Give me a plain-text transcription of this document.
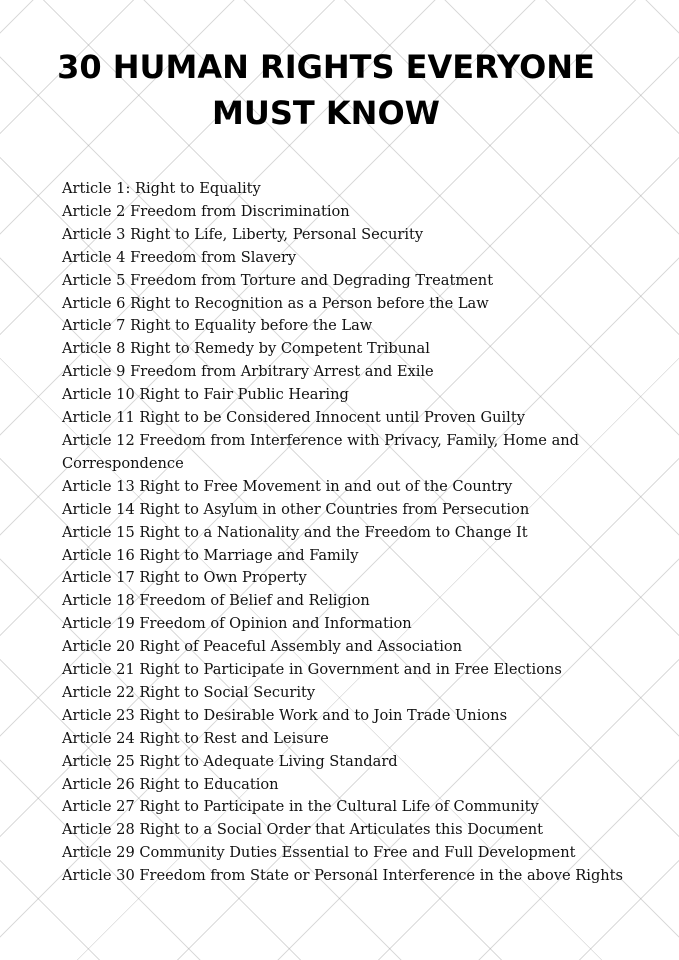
30 HUMAN RIGHTS EVERYONE
MUST KNOW
Article 1: Right to Equality
Article 2 Freedom from Discrimination
Article 3 Right to Life, Liberty, Personal Security
Article 4 Freedom from Slavery
Article 5 Freedom from Torture and Degrading Treatment
Article 6 Right to Recognition as a Person before the Law
Article 7 Right to Equality before the Law
Article 8 Right to Remedy by Competent Tribunal
Article 9 Freedom from Arbitrary Arrest and Exile
Article 10 Right to Fair Public Hearing
Article 11 Right to be Considered Innocent until Proven Guilty
Article 12 Freedom from Interference with Privacy, Family, Home and Correspondence
Article 13 Right to Free Movement in and out of the Country
Article 14 Right to Asylum in other Countries from Persecution
Article 15 Right to a Nationality and the Freedom to Change It
Article 16 Right to Marriage and Family
Article 17 Right to Own Property
Article 18 Freedom of Belief and Religion
Article 19 Freedom of Opinion and Information
Article 20 Right of Peaceful Assembly and Association
Article 21 Right to Participate in Government and in Free Elections
Article 22 Right to Social Security
Article 23 Right to Desirable Work and to Join Trade Unions
Article 24 Right to Rest and Leisure
Article 25 Right to Adequate Living Standard
Article 26 Right to Education
Article 27 Right to Participate in the Cultural Life of Community
Article 28 Right to a Social Order that Articulates this Document
Article 29 Community Duties Essential to Free and Full Development
Article 30 Freedom from State or Personal Interference in the above Rights
